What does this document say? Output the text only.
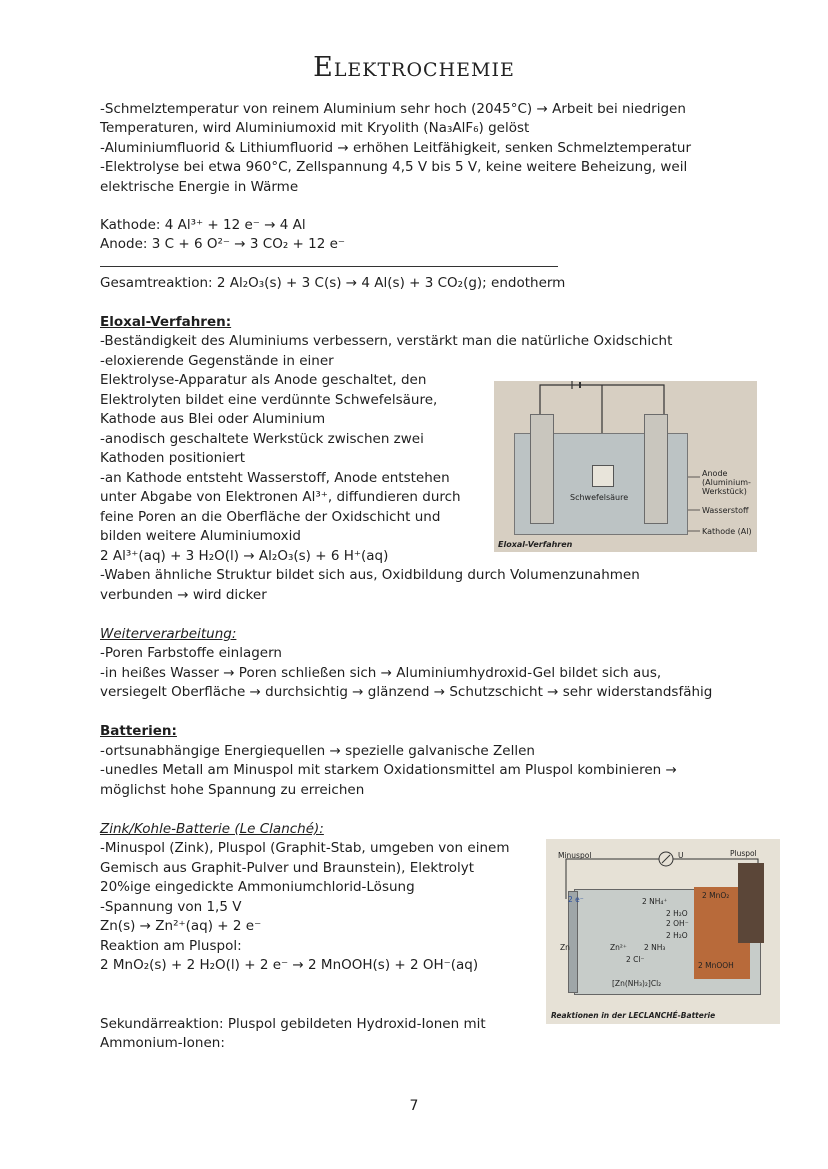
Elektrochemie
-Schmelztemperatur von reinem Aluminium sehr hoch (2045°C) → Arbeit bei niedrigen
Temperaturen, wird Aluminiumoxid mit Kryolith (Na₃AlF₆) gelöst
-Aluminiumfluorid & Lithiumfluorid → erhöhen Leitfähigkeit, senken Schmelztemperatur
-Elektrolyse bei etwa 960°C, Zellspannung 4,5 V bis 5 V, keine weitere Beheizung, weil
elektrische Energie in Wärme
Kathode: 4 Al³⁺ + 12 e⁻ → 4 Al
Anode: 3 C + 6 O²⁻ → 3 CO₂ + 12 e⁻
Gesamtreaktion: 2 Al₂O₃(s) + 3 C(s) → 4 Al(s) + 3 CO₂(g); endotherm
Eloxal-Verfahren:
-Beständigkeit des Aluminiums verbessern, verstärkt man die natürliche Oxidschicht
-eloxierende Gegenstände in einer
Elektrolyse-Apparatur als Anode geschaltet, den
Elektrolyten bildet eine verdünnte Schwefelsäure,
Kathode aus Blei oder Aluminium
-anodisch geschaltete Werkstück zwischen zwei
Kathoden positioniert
-an Kathode entsteht Wasserstoff, Anode entstehen
unter Abgabe von Elektronen Al³⁺, diffundieren durch
feine Poren an die Oberfläche der Oxidschicht und
bilden weitere Aluminiumoxid
2 Al³⁺(aq) + 3 H₂O(l) → Al₂O₃(s) + 6 H⁺(aq)
-Waben ähnliche Struktur bildet sich aus, Oxidbildung durch Volumenzunahmen
verbunden → wird dicker
Schwefelsäure
Anode
(Aluminium-
Werkstück)
Wasserstoff
Kathode (Al)
Eloxal-Verfahren
Weiterverarbeitung:
-Poren Farbstoffe einlagern
-in heißes Wasser → Poren schließen sich → Aluminiumhydroxid-Gel bildet sich aus,
versiegelt Oberfläche → durchsichtig → glänzend → Schutzschicht → sehr widerstandsfähig
Batterien:
-ortsunabhängige Energiequellen → spezielle galvanische Zellen
-unedles Metall am Minuspol mit starkem Oxidationsmittel am Pluspol kombinieren →
möglichst hohe Spannung zu erreichen
Zink/Kohle-Batterie (Le Clanché):
-Minuspol (Zink), Pluspol (Graphit-Stab, umgeben von einem
Gemisch aus Graphit-Pulver und Braunstein), Elektrolyt
20%ige eingedickte Ammoniumchlorid-Lösung
-Spannung von 1,5 V
Zn(s) → Zn²⁺(aq) + 2 e⁻
Reaktion am Pluspol:
2 MnO₂(s) + 2 H₂O(l) + 2 e⁻ → 2 MnOOH(s) + 2 OH⁻(aq)
Minuspol	Pluspol
U
2 e⁻
Zn	Zn²⁺
2 NH₄⁺
2 H₂O
2 OH⁻
2 H₂O
2 NH₃
2 Cl⁻
[Zn(NH₃)₂]Cl₂
2 MnO₂
2 MnOOH
Reaktionen in der LECLANCHÉ-Batterie
Sekundärreaktion: Pluspol gebildeten Hydroxid-Ionen mit
Ammonium-Ionen:
7
